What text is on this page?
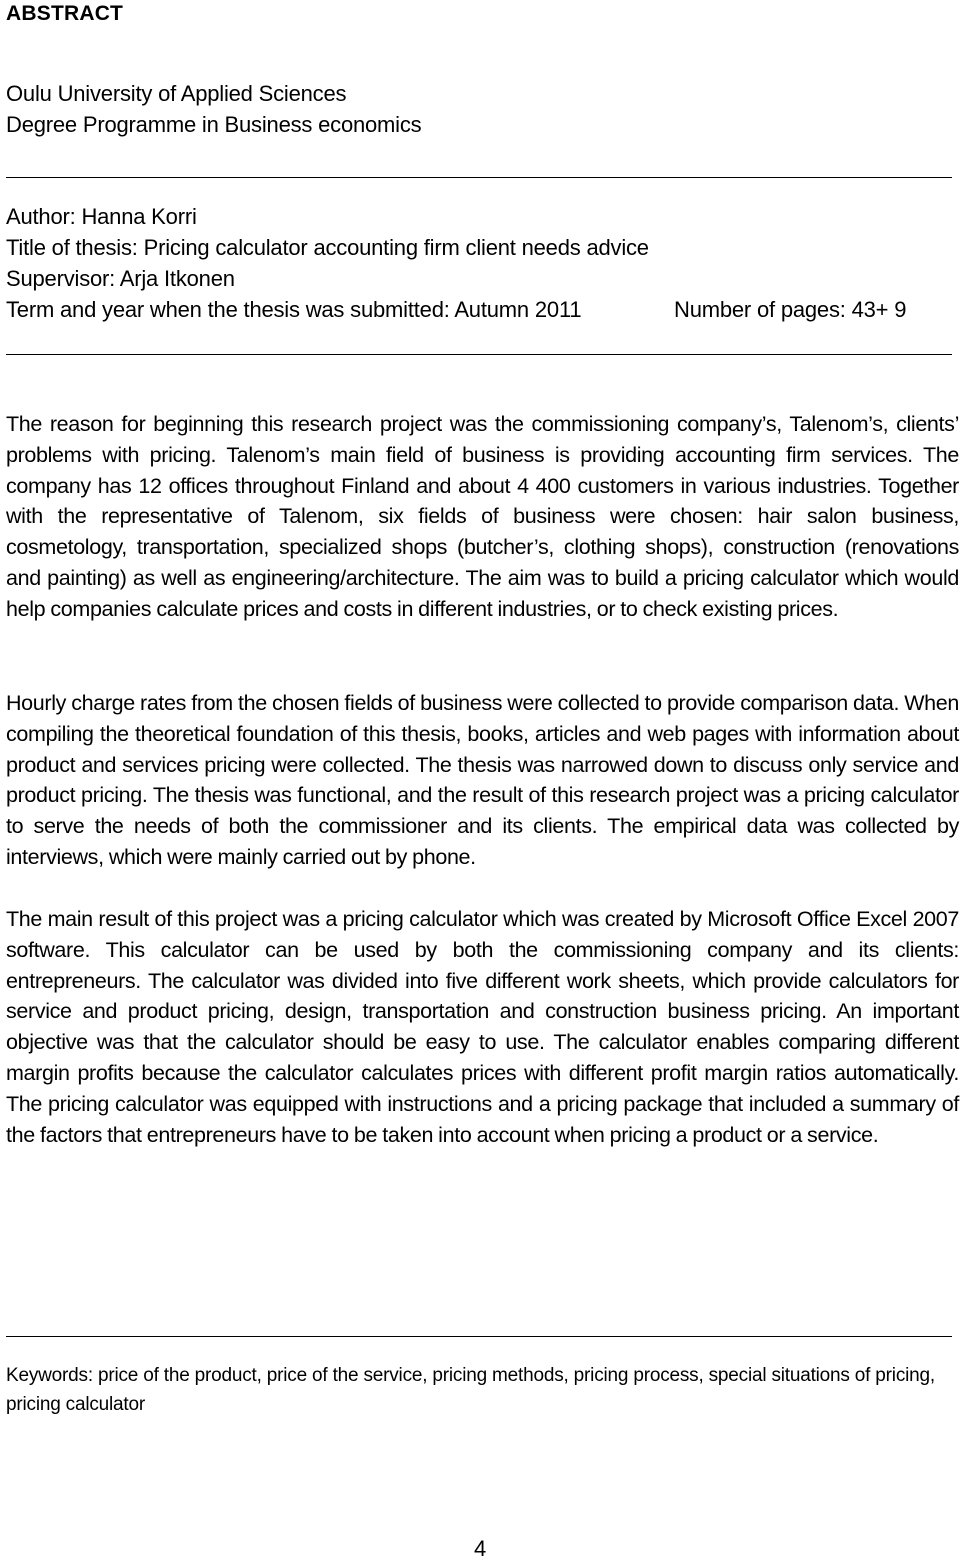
ABSTRACT
Oulu University of Applied Sciences
Degree Programme in Business economics
Author: Hanna Korri
Title of thesis: Pricing calculator accounting firm client needs advice
Supervisor: Arja Itkonen
Term and year when the thesis was submitted: Autumn 2011	Number of pages: 43+ 9

The reason for beginning this research project was the commissioning company’s, Talenom’s, clients’ problems with pricing. Talenom’s main field of business is providing accounting firm services. The company has 12 offices throughout Finland and about 4 400 customers in various industries. Together with the representative of Talenom, six fields of business were chosen: hair salon business, cosmetology, transportation, specialized shops (butcher’s, clothing shops), construction (renovations and painting) as well as engineering/architecture. The aim was to build a pricing calculator which would help companies calculate prices and costs in different industries, or to check existing prices.

Hourly charge rates from the chosen fields of business were collected to provide comparison data. When compiling the theoretical foundation of this thesis, books, articles and web pages with information about product and services pricing were collected. The thesis was narrowed down to discuss only service and product pricing. The thesis was functional, and the result of this research project was a pricing calculator to serve the needs of both the commissioner and its clients. The empirical data was collected by interviews, which were mainly carried out by phone.

The main result of this project was a pricing calculator which was created by Microsoft Office Excel 2007 software. This calculator can be used by both the commissioning company and its clients: entrepreneurs. The calculator was divided into five different work sheets, which provide calculators for service and product pricing, design, transportation and construction business pricing. An important objective was that the calculator should be easy to use. The calculator enables comparing different margin profits because the calculator calculates prices with different profit margin ratios automatically. The pricing calculator was equipped with instructions and a pricing package that included a summary of the factors that entrepreneurs have to be taken into account when pricing a product or a service.

Keywords: price of the product, price of the service, pricing methods, pricing process, special situations of pricing, pricing calculator

4
